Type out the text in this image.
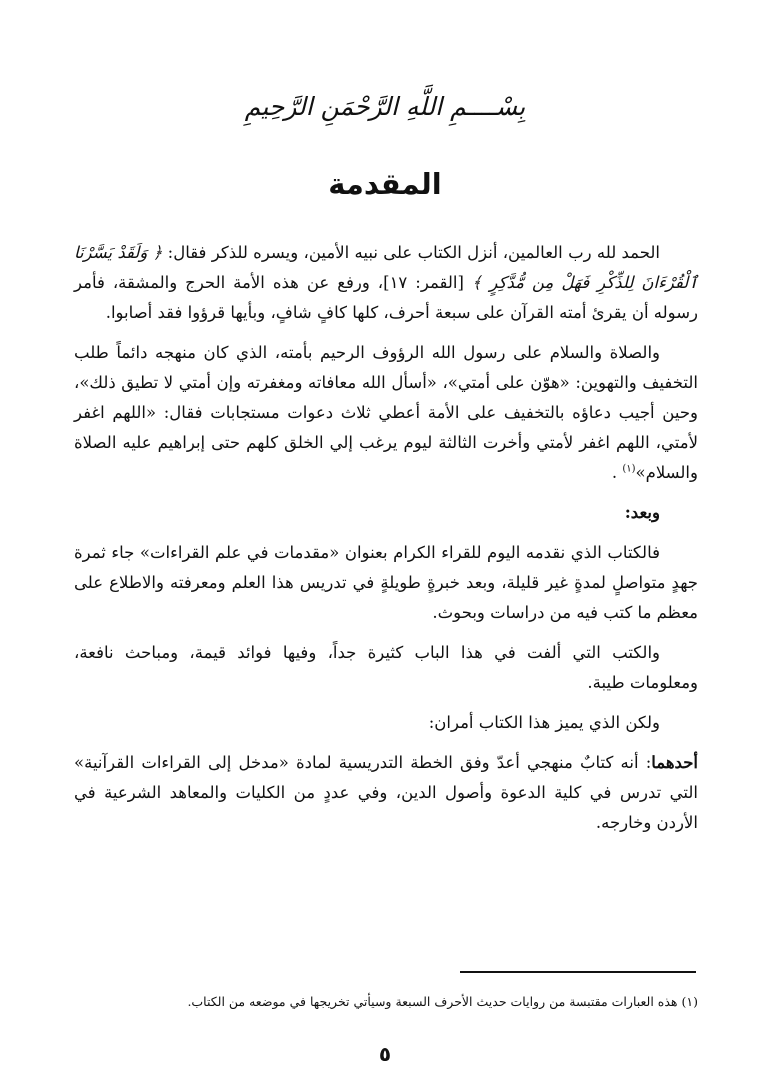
بِسْــــمِ اللَّهِ الرَّحْمَنِ الرَّحِيمِ
المقدمة

الحمد لله رب العالمين، أنزل الكتاب على نبيه الأمين، ويسره للذكر فقال: ﴿ وَلَقَدْ يَسَّرْنَا ٱلْقُرْءَانَ لِلذِّكْرِ فَهَلْ مِن مُّدَّكِرٍ ﴾ [القمر: ١٧]، ورفع عن هذه الأمة الحرج والمشقة، فأمر رسوله أن يقرئ أمته القرآن على سبعة أحرف، كلها كافٍ شافٍ، وبأيها قرؤوا فقد أصابوا.

والصلاة والسلام على رسول الله الرؤوف الرحيم بأمته، الذي كان منهجه دائماً طلب التخفيف والتهوين: «هوّن على أمتي»، «أسأل الله معافاته ومغفرته وإن أمتي لا تطيق ذلك»، وحين أجيب دعاؤه بالتخفيف على الأمة أعطي ثلاث دعوات مستجابات فقال: «اللهم اغفر لأمتي، اللهم اغفر لأمتي وأخرت الثالثة ليوم يرغب إلي الخلق كلهم حتى إبراهيم عليه الصلاة والسلام»$^{(١)}$ .

وبعد:

فالكتاب الذي نقدمه اليوم للقراء الكرام بعنوان «مقدمات في علم القراءات» جاء ثمرة جهدٍ متواصلٍ لمدةٍ غير قليلة، وبعد خبرةٍ طويلةٍ في تدريس هذا العلم ومعرفته والاطلاع على معظم ما كتب فيه من دراسات وبحوث.

والكتب التي ألفت في هذا الباب كثيرة جداً، وفيها فوائد قيمة، ومباحث نافعة، ومعلومات طيبة.

ولكن الذي يميز هذا الكتاب أمران:

أحدهما: أنه كتابٌ منهجي أعدّ وفق الخطة التدريسية لمادة «مدخل إلى القراءات القرآنية» التي تدرس في كلية الدعوة وأصول الدين، وفي عددٍ من الكليات والمعاهد الشرعية في الأردن وخارجه.

(١) هذه العبارات مقتبسة من روايات حديث الأحرف السبعة وسيأتي تخريجها في موضعه من الكتاب.
٥
